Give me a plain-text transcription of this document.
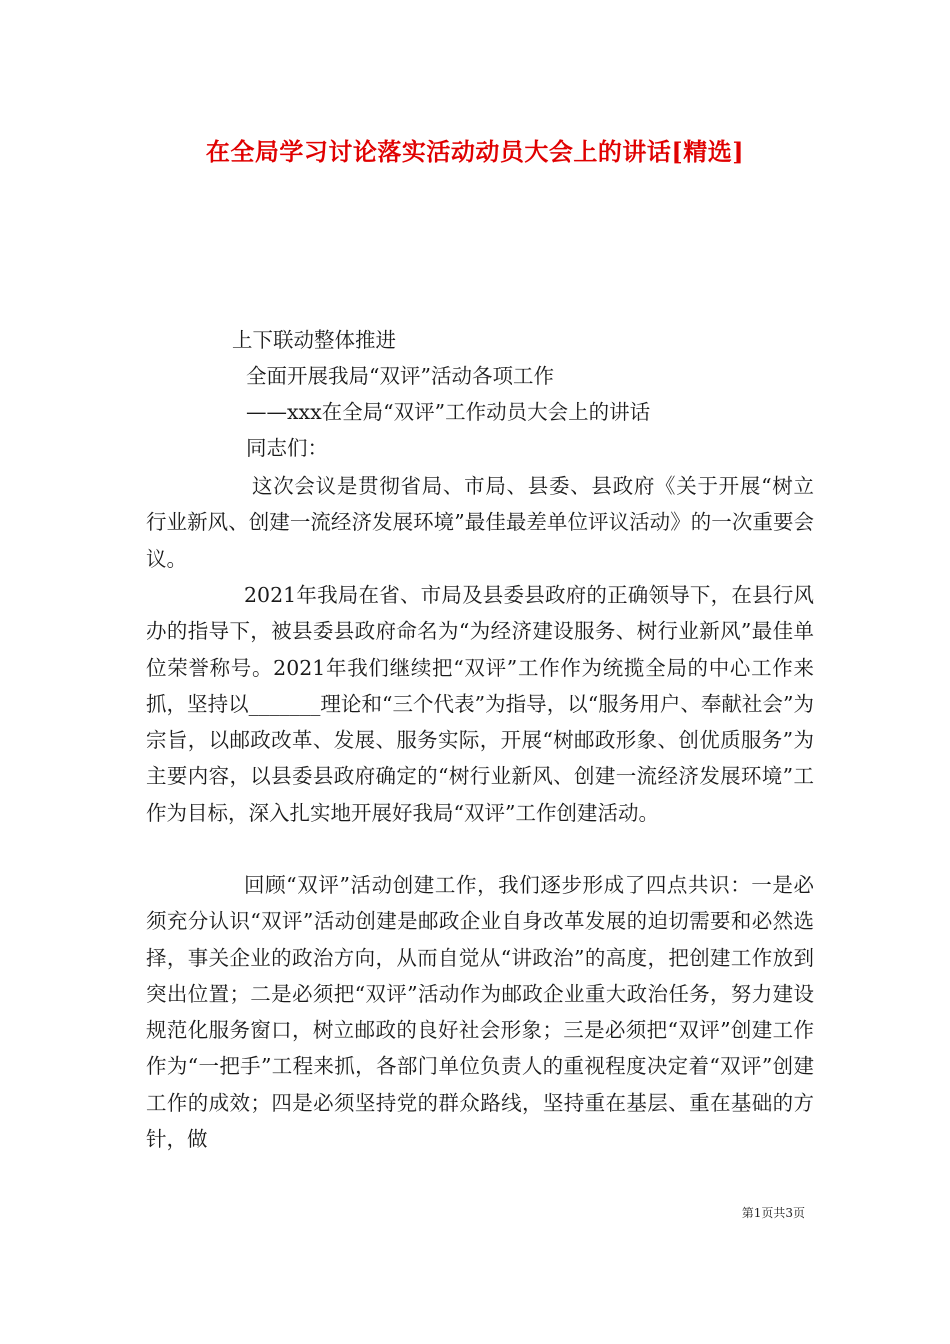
在全局学习讨论落实活动动员大会上的讲话[精选]
上下联动整体推进
全面开展我局“双评”活动各项工作
——xxx在全局“双评”工作动员大会上的讲话
同志们：

这次会议是贯彻省局、市局、县委、县政府《关于开展“树立行业新风、创建一流经济发展环境”最佳最差单位评议活动》的一次重要会议。

2021年我局在省、市局及县委县政府的正确领导下，在县行风办的指导下，被县委县政府命名为“为经济建设服务、树行业新风”最佳单位荣誉称号。2021年我们继续把“双评”工作作为统揽全局的中心工作来抓，坚持以_______理论和“三个代表”为指导，以“服务用户、奉献社会”为宗旨，以邮政改革、发展、服务实际，开展“树邮政形象、创优质服务”为主要内容，以县委县政府确定的“树行业新风、创建一流经济发展环境”工作为目标，深入扎实地开展好我局“双评”工作创建活动。

回顾“双评”活动创建工作，我们逐步形成了四点共识：一是必须充分认识“双评”活动创建是邮政企业自身改革发展的迫切需要和必然选择，事关企业的政治方向，从而自觉从“讲政治”的高度，把创建工作放到突出位置；二是必须把“双评”活动作为邮政企业重大政治任务，努力建设规范化服务窗口，树立邮政的良好社会形象；三是必须把“双评”创建工作作为“一把手”工程来抓，各部门单位负责人的重视程度决定着“双评”创建工作的成效；四是必须坚持党的群众路线，坚持重在基层、重在基础的方针，做

第1页共3页
